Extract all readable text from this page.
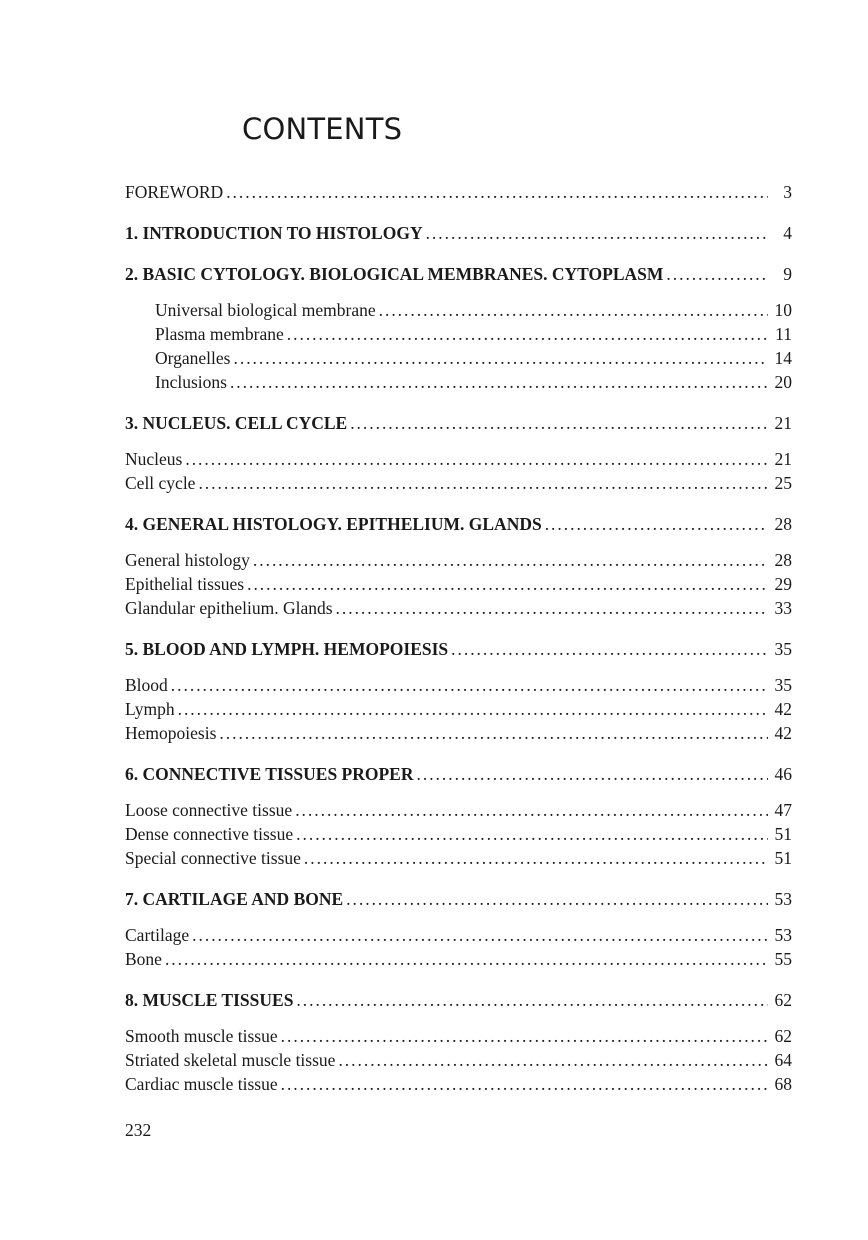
CONTENTS
FOREWORD . . .	3
1. INTRODUCTION TO HISTOLOGY . . .	4
2. BASIC CYTOLOGY. BIOLOGICAL MEMBRANES. CYTOPLASM . . .	9
Universal biological membrane . . .	10
Plasma membrane . . .	11
Organelles . . .	14
Inclusions . . .	20
3. NUCLEUS. CELL CYCLE . . .	21
Nucleus . . .	21
Cell cycle . . .	25
4. GENERAL HISTOLOGY. EPITHELIUM. GLANDS . . .	28
General histology . . .	28
Epithelial tissues . . .	29
Glandular epithelium. Glands . . .	33
5. BLOOD AND LYMPH. HEMOPOIESIS . . .	35
Blood . . .	35
Lymph . . .	42
Hemopoiesis . . .	42
6. CONNECTIVE TISSUES PROPER . . .	46
Loose connective tissue . . .	47
Dense connective tissue . . .	51
Special connective tissue . . .	51
7. CARTILAGE AND BONE . . .	53
Cartilage . . .	53
Bone . . .	55
8. MUSCLE TISSUES . . .	62
Smooth muscle tissue . . .	62
Striated skeletal muscle tissue . . .	64
Cardiac muscle tissue . . .	68
232
